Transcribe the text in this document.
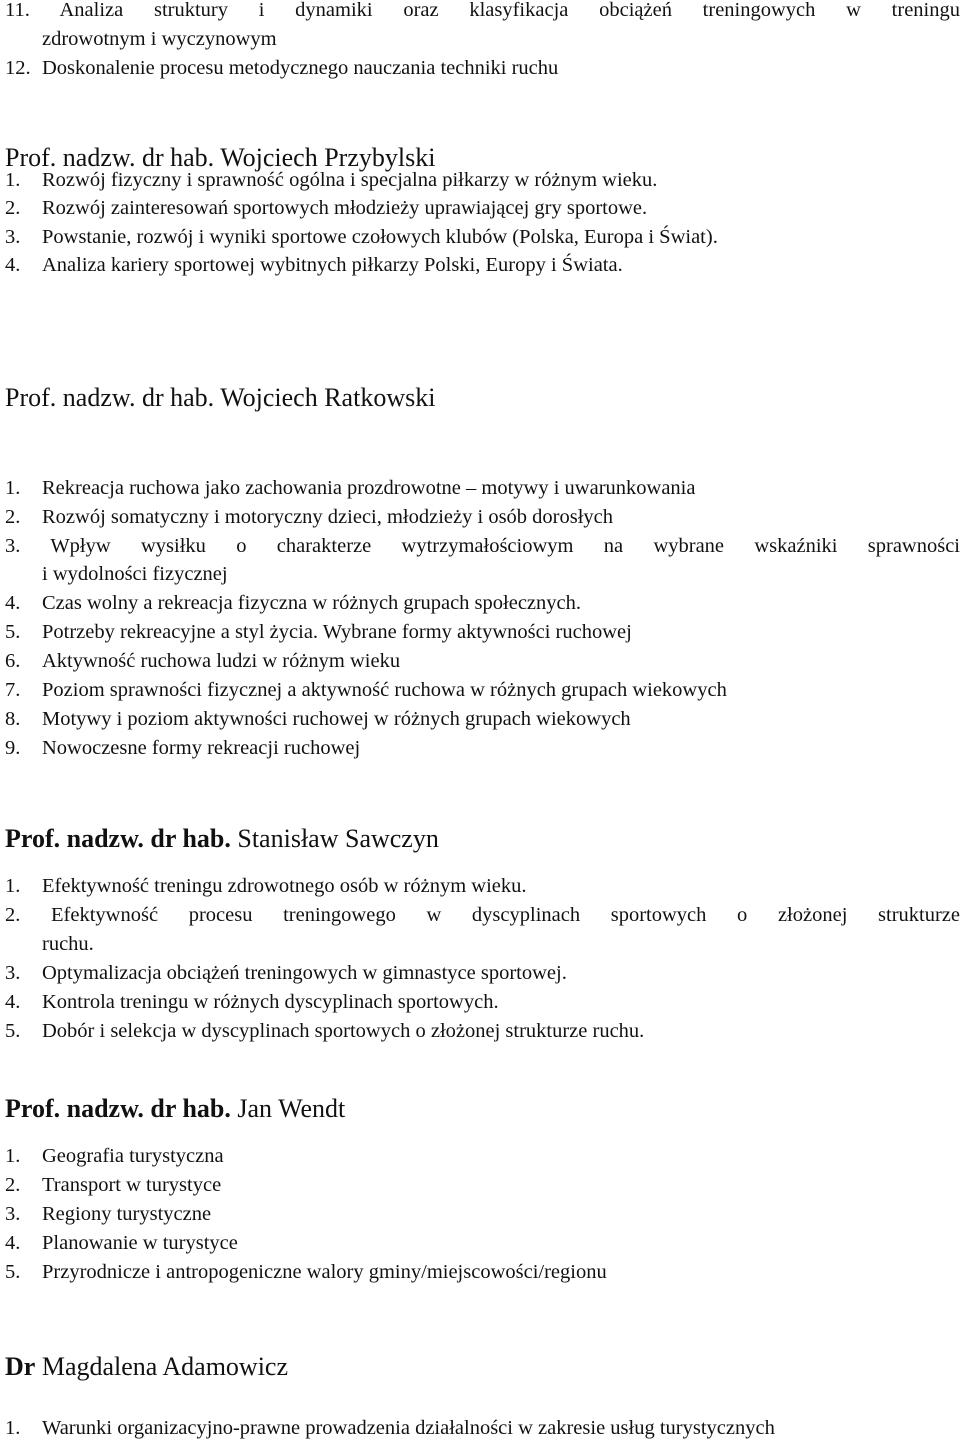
11. Analiza struktury i dynamiki oraz klasyfikacja obciążeń treningowych w treningu
zdrowotnym i wyczynowym
12. Doskonalenie procesu metodycznego nauczania techniki ruchu
Prof. nadzw. dr hab. Wojciech Przybylski
1. Rozwój fizyczny i sprawność ogólna i specjalna piłkarzy w różnym wieku.
2. Rozwój zainteresowań sportowych młodzieży uprawiającej gry sportowe.
3. Powstanie, rozwój i wyniki sportowe czołowych klubów (Polska, Europa i Świat).
4. Analiza kariery sportowej wybitnych piłkarzy Polski, Europy i Świata.
Prof. nadzw. dr hab. Wojciech Ratkowski
1. Rekreacja ruchowa jako zachowania prozdrowotne – motywy i uwarunkowania
2. Rozwój somatyczny i motoryczny dzieci, młodzieży i osób dorosłych
3. Wpływ wysiłku o charakterze wytrzymałościowym na wybrane wskaźniki sprawności
i wydolności fizycznej
4. Czas wolny a rekreacja fizyczna w różnych grupach społecznych.
5. Potrzeby rekreacyjne a styl życia. Wybrane formy aktywności ruchowej
6. Aktywność ruchowa ludzi w różnym wieku
7. Poziom sprawności fizycznej a aktywność ruchowa w różnych grupach wiekowych
8. Motywy i poziom aktywności ruchowej w różnych grupach wiekowych
9. Nowoczesne formy rekreacji ruchowej
Prof. nadzw. dr hab. Stanisław Sawczyn
1. Efektywność treningu zdrowotnego osób w różnym wieku.
2. Efektywność procesu treningowego w dyscyplinach sportowych o złożonej strukturze
ruchu.
3. Optymalizacja obciążeń treningowych w gimnastyce sportowej.
4. Kontrola treningu w różnych dyscyplinach sportowych.
5. Dobór i selekcja w dyscyplinach sportowych o złożonej strukturze ruchu.
Prof. nadzw. dr hab. Jan Wendt
1. Geografia turystyczna
2. Transport w turystyce
3. Regiony turystyczne
4. Planowanie w turystyce
5. Przyrodnicze i antropogeniczne walory gminy/miejscowości/regionu
Dr Magdalena Adamowicz
1. Warunki organizacyjno-prawne prowadzenia działalności w zakresie usług turystycznych
